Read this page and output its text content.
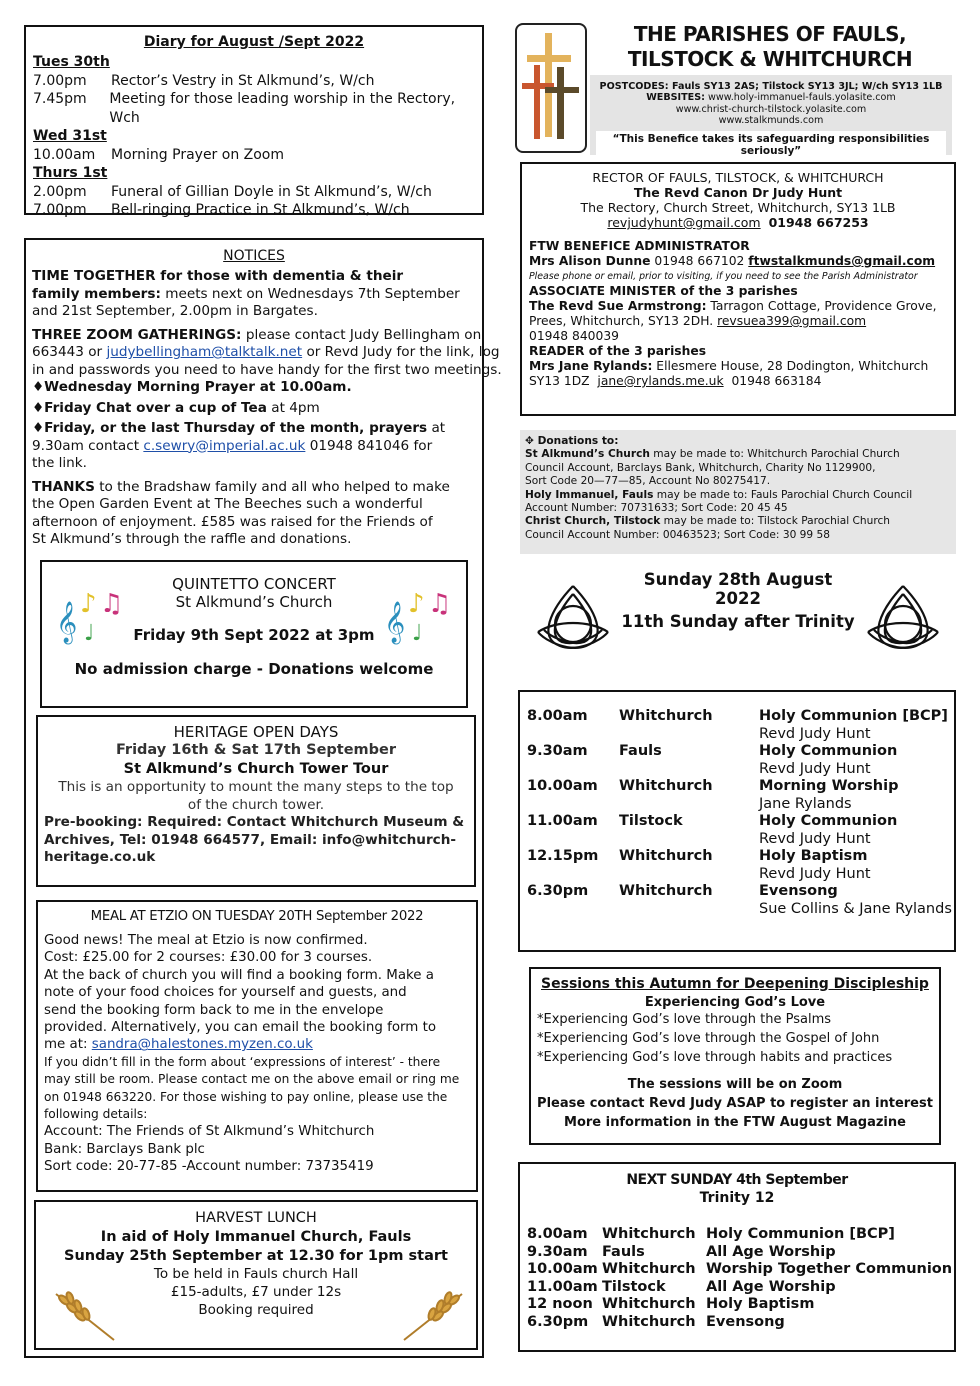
Diary for August /Sept 2022
Tues 30th
7.00pm	Rector’s Vestry in St Alkmund’s, W/ch
7.45pm	Meeting for those leading worship in the Rectory, Wch
Wed 31st
10.00am	Morning Prayer on Zoom
Thurs 1st
2.00pm	Funeral of Gillian Doyle in St Alkmund’s, W/ch
7.00pm	Bell-ringing Practice in St Alkmund’s, W/ch
THE PARISHES OF FAULS,
TILSTOCK & WHITCHURCH
POSTCODES: Fauls SY13 2AS; Tilstock SY13 3JL; W/ch SY13 1LB
WEBSITES: www.holy-immanuel-fauls.yolasite.com
www.christ-church-tilstock.yolasite.com
www.stalkmunds.com
“This Benefice takes its safeguarding responsibilities seriously”
RECTOR OF FAULS, TILSTOCK, & WHITCHURCH
The Revd Canon Dr Judy Hunt
The Rectory, Church Street, Whitchurch, SY13 1LB
revjudyhunt@gmail.com 01948 667253
FTW BENEFICE ADMINISTRATOR
Mrs Alison Dunne 01948 667102 ftwstalkmunds@gmail.com
Please phone or email, prior to visiting, if you need to see the Parish Administrator
ASSOCIATE MINISTER of the 3 parishes
The Revd Sue Armstrong: Tarragon Cottage, Providence Grove,
Prees, Whitchurch, SY13 2DH. revsuea399@gmail.com
01948 840039
READER of the 3 parishes
Mrs Jane Rylands: Ellesmere House, 28 Dodington, Whitchurch
SY13 1DZ jane@rylands.me.uk 01948 663184
✥ Donations to:
St Alkmund’s Church may be made to: Whitchurch Parochial Church
Council Account, Barclays Bank, Whitchurch, Charity No 1129900,
Sort Code 20—77—85, Account No 80275417.
Holy Immanuel, Fauls may be made to: Fauls Parochial Church Council
Account Number: 70731633; Sort Code: 20 45 45
Christ Church, Tilstock may be made to: Tilstock Parochial Church
Council Account Number: 00463523; Sort Code: 30 99 58
Sunday 28th August 2022
11th Sunday after Trinity
8.00am	Whitchurch	Holy Communion [BCP]
Revd Judy Hunt
9.30am	Fauls	Holy Communion
Revd Judy Hunt
10.00am	Whitchurch	Morning Worship
Jane Rylands
11.00am	Tilstock	Holy Communion
Revd Judy Hunt
12.15pm	Whitchurch	Holy Baptism
Revd Judy Hunt
6.30pm	Whitchurch	Evensong
Sue Collins & Jane Rylands
Sessions this Autumn for Deepening Discipleship
Experiencing God’s Love
*Experiencing God’s love through the Psalms
*Experiencing God’s love through the Gospel of John
*Experiencing God’s love through habits and practices
The sessions will be on Zoom
Please contact Revd Judy ASAP to register an interest
More information in the FTW August Magazine
NEXT SUNDAY 4th September
Trinity 12
8.00am Whitchurch Holy Communion [BCP]
9.30am Fauls	All Age Worship
10.00am Whitchurch Worship Together Communion
11.00am Tilstock	All Age Worship
12 noon Whitchurch Holy Baptism
6.30pm Whitchurch Evensong
NOTICES
TIME TOGETHER for those with dementia & their
family members: meets next on Wednesdays 7th September
and 21st September, 2.00pm in Bargates.
THREE ZOOM GATHERINGS: please contact Judy Bellingham on
663443 or judybellingham@talktalk.net or Revd Judy for the link, log
in and passwords you need to have handy for the first two meetings.
♦Wednesday Morning Prayer at 10.00am.
♦Friday Chat over a cup of Tea at 4pm
♦Friday, or the last Thursday of the month, prayers at
9.30am contact c.sewry@imperial.ac.uk 01948 841046 for
the link.
THANKS to the Bradshaw family and all who helped to make
the Open Garden Event at The Beeches such a wonderful
afternoon of enjoyment. £585 was raised for the Friends of
St Alkmund’s through the raffle and donations.
𝄞 ♪ ♫
♩	𝄞 ♪ ♫
♩
QUINTETTO CONCERT
St Alkmund’s Church
Friday 9th Sept 2022 at 3pm
No admission charge - Donations welcome
HERITAGE OPEN DAYS
Friday 16th & Sat 17th September
St Alkmund’s Church Tower Tour
This is an opportunity to mount the many steps to the top
of the church tower.
Pre-booking: Required: Contact Whitchurch Museum &
Archives, Tel: 01948 664577, Email: info@whitchurch-
heritage.co.uk
MEAL AT ETZIO ON TUESDAY 20TH September 2022
Good news! The meal at Etzio is now confirmed.
Cost: £25.00 for 2 courses: £30.00 for 3 courses.
At the back of church you will find a booking form. Make a
note of your food choices for yourself and guests, and
send the booking form back to me in the envelope
provided. Alternatively, you can email the booking form to
me at: sandra@halestones.myzen.co.uk
If you didn’t fill in the form about ‘expressions of interest’ - there
may still be room. Please contact me on the above email or ring me
on 01948 663220. For those wishing to pay online, please use the
following details:
Account: The Friends of St Alkmund’s Whitchurch
Bank: Barclays Bank plc
Sort code: 20-77-85 -Account number: 73735419
HARVEST LUNCH
In aid of Holy Immanuel Church, Fauls
Sunday 25th September at 12.30 for 1pm start
To be held in Fauls church Hall
£15-adults, £7 under 12s
Booking required
